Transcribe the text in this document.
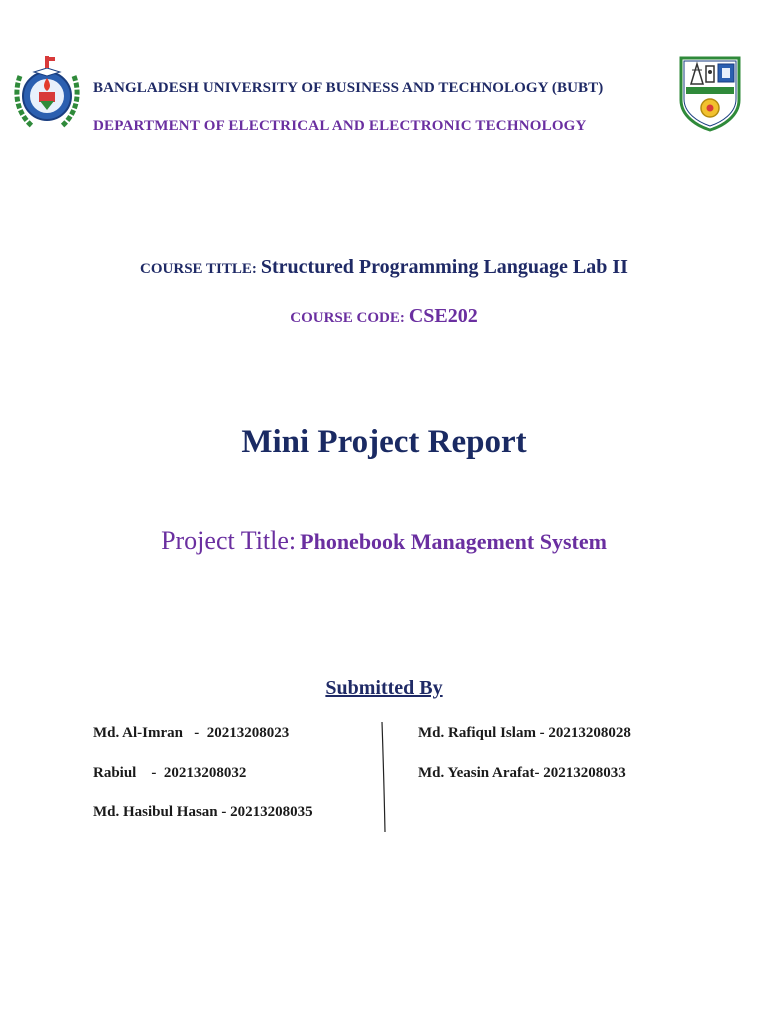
BANGLADESH UNIVERSITY OF BUSINESS AND TECHNOLOGY (BUBT)
DEPARTMENT OF ELECTRICAL AND ELECTRONIC TECHNOLOGY
COURSE TITLE: Structured Programming Language Lab II
COURSE CODE: CSE202
Mini Project Report
Project Title: Phonebook Management System
Submitted By
Md. Al-Imran   -  20213208023
Rabiul    -  20213208032
Md. Hasibul Hasan - 20213208035
Md. Rafiqul Islam - 20213208028
Md. Yeasin Arafat- 20213208033
